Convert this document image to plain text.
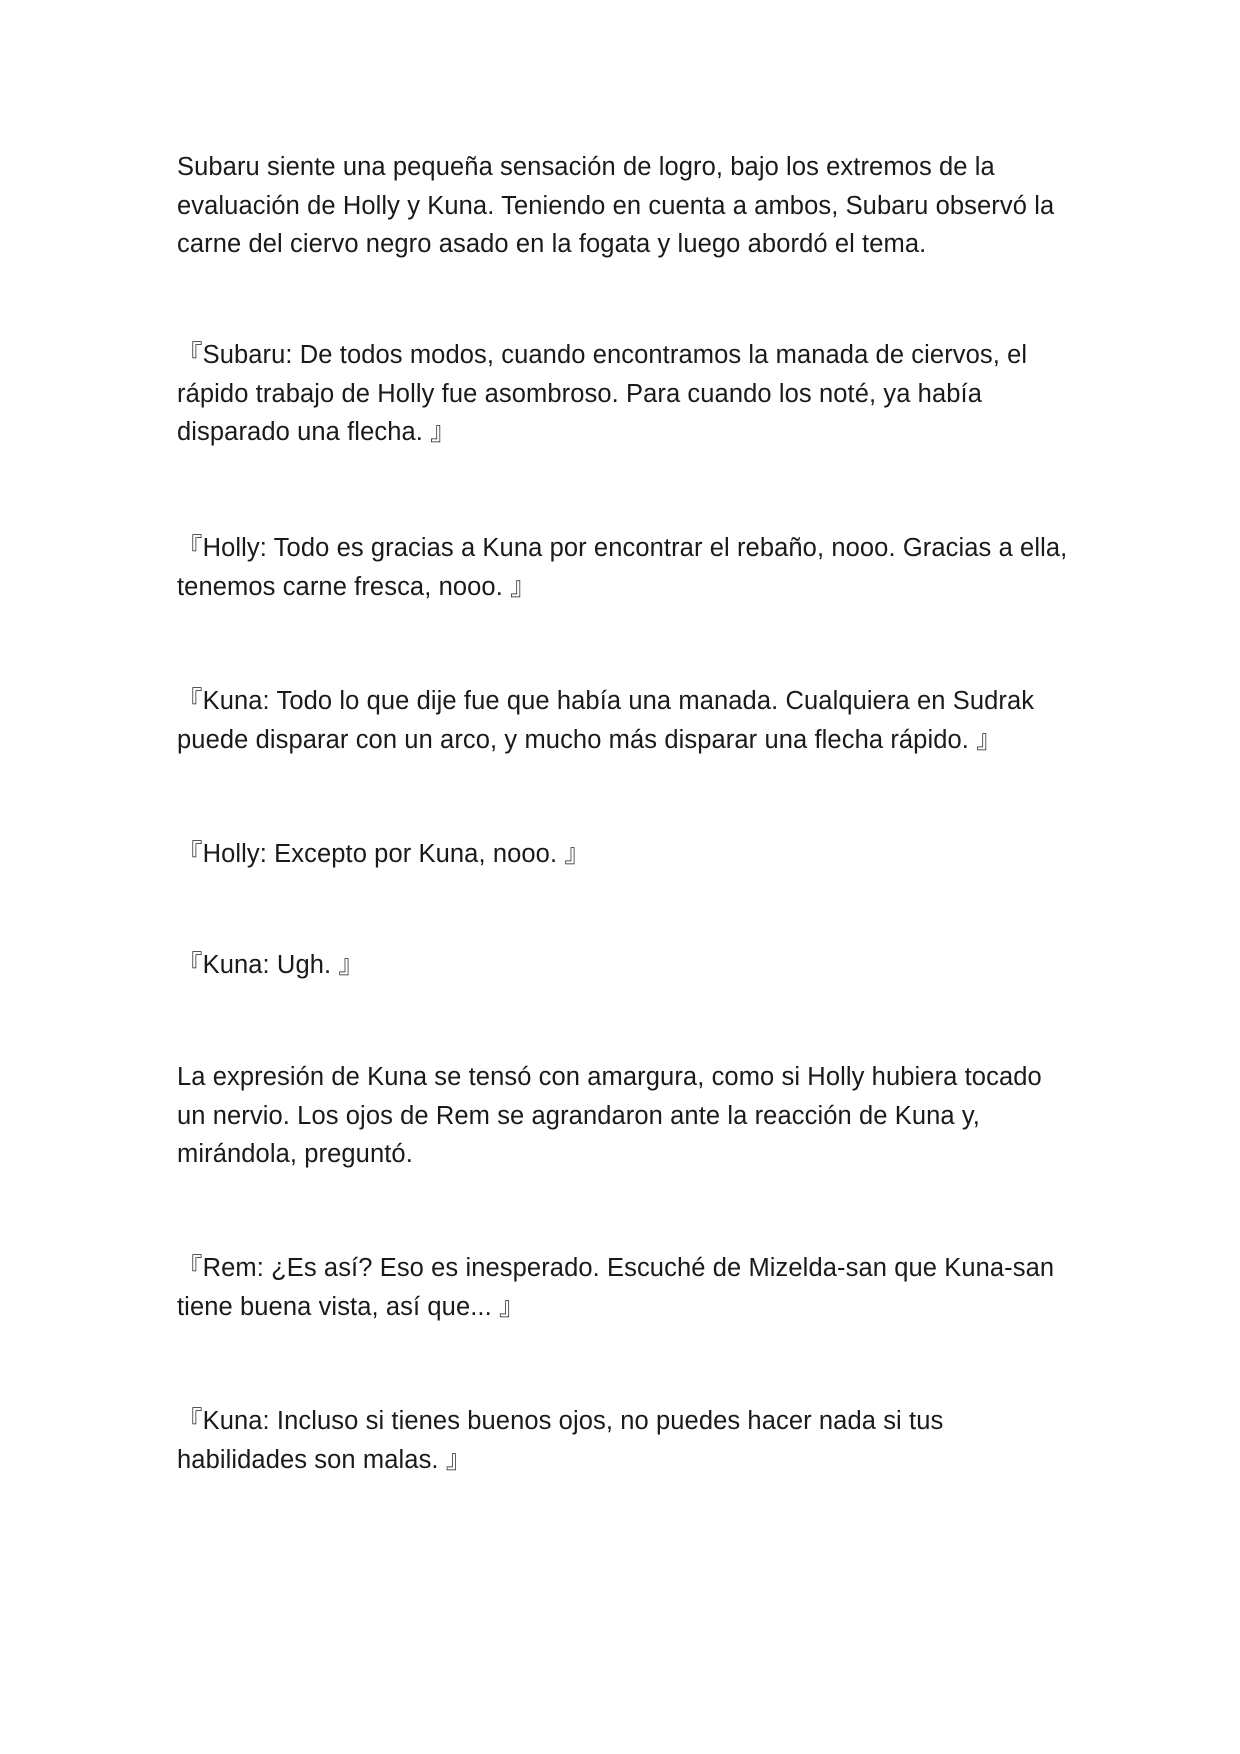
Subaru siente una pequeña sensación de logro, bajo los extremos de la evaluación de Holly y Kuna. Teniendo en cuenta a ambos, Subaru observó la carne del ciervo negro asado en la fogata y luego abordó el tema.

『Subaru: De todos modos, cuando encontramos la manada de ciervos, el rápido trabajo de Holly fue asombroso. Para cuando los noté, ya había disparado una flecha. 』

『Holly: Todo es gracias a Kuna por encontrar el rebaño, nooo. Gracias a ella, tenemos carne fresca, nooo. 』

『Kuna: Todo lo que dije fue que había una manada. Cualquiera en Sudrak puede disparar con un arco, y mucho más disparar una flecha rápido. 』

『Holly: Excepto por Kuna, nooo. 』

『Kuna: Ugh. 』

La expresión de Kuna se tensó con amargura, como si Holly hubiera tocado un nervio. Los ojos de Rem se agrandaron ante la reacción de Kuna y, mirándola, preguntó.

『Rem: ¿Es así? Eso es inesperado. Escuché de Mizelda-san que Kuna-san tiene buena vista, así que... 』

『Kuna: Incluso si tienes buenos ojos, no puedes hacer nada si tus habilidades son malas. 』
